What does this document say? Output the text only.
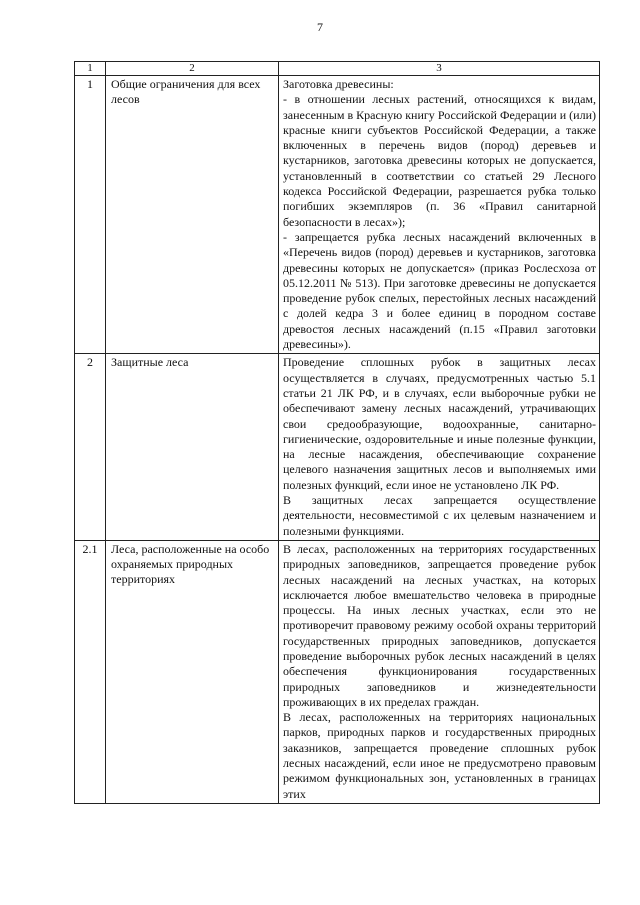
7
1	2	3
1	Общие ограничения для всех лесов	Заготовка древесины:

- в отношении лесных растений, относящихся к видам, занесенным в Красную книгу Российской Федерации и (или) красные книги субъектов Российской Федерации, а также включенных в перечень видов (пород) деревьев и кустарников, заготовка древесины которых не допускается, установленный в соответствии со статьей 29 Лесного кодекса Российской Федерации, разрешается рубка только погибших экземпляров (п. 36 «Правил санитарной безопасности в лесах»);

- запрещается рубка лесных насаждений включенных в «Перечень видов (пород) деревьев и кустарников, заготовка древесины которых не допускается» (приказ Рослесхоза от 05.12.2011 № 513). При заготовке древесины не допускается проведение рубок спелых, перестойных лесных насаждений с долей кедра 3 и более единиц в породном составе древостоя лесных насаждений (п.15 «Правил заготовки древесины»).

2	Защитные леса	Проведение сплошных рубок в защитных лесах осуществляется в случаях, предусмотренных частью 5.1 статьи 21 ЛК РФ, и в случаях, если выборочные рубки не обеспечивают замену лесных насаждений, утрачивающих свои средообразующие, водоохранные, санитарно-гигиенические, оздоровительные и иные полезные функции, на лесные насаждения, обеспечивающие сохранение целевого назначения защитных лесов и выполняемых ими полезных функций, если иное не установлено ЛК РФ.

В защитных лесах запрещается осуществление деятельности, несовместимой с их целевым назначением и полезными функциями.

2.1	Леса, расположенные на особо охраняемых природных территориях	В лесах, расположенных на территориях государственных природных заповедников, запрещается проведение рубок лесных насаждений на лесных участках, на которых исключается любое вмешательство человека в природные процессы. На иных лесных участках, если это не противоречит правовому режиму особой охраны территорий государственных природных заповедников, допускается проведение выборочных рубок лесных насаждений в целях обеспечения функционирования государственных природных заповедников и жизнедеятельности проживающих в их пределах граждан.

В лесах, расположенных на территориях национальных парков, природных парков и государственных природных заказников, запрещается проведение сплошных рубок лесных насаждений, если иное не предусмотрено правовым режимом функциональных зон, установленных в границах этих
